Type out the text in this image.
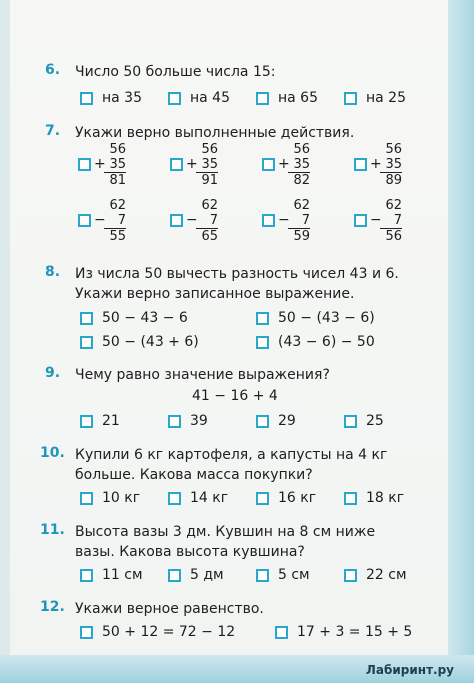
6. Число 50 больше числа 15:
на 35	на 45	на 65	на 25
7. Укажи верно выполненные действия.
+
56
35
81
+
56
35
91
+
56
35
82
+
56
35
89
−
62
7
55
−
62
7
65
−
62
7
59
−
62
7
56
8. Из числа 50 вычесть разность чисел 43 и 6.
Укажи верно записанное выражение.
50 − 43 − 6	50 − (43 − 6)
50 − (43 + 6)	(43 − 6) − 50
9. Чему равно значение выражения?
41 − 16 + 4
21	39	29	25
10. Купили 6 кг картофеля, а капусты на 4 кг
больше. Какова масса покупки?
10 кг	14 кг	16 кг	18 кг
11. Высота вазы 3 дм. Кувшин на 8 см ниже
вазы. Какова высота кувшина?
11 см	5 дм	5 см	22 см
12. Укажи верное равенство.
50 + 12 = 72 − 12	17 + 3 = 15 + 5
Лабиринт.ру
